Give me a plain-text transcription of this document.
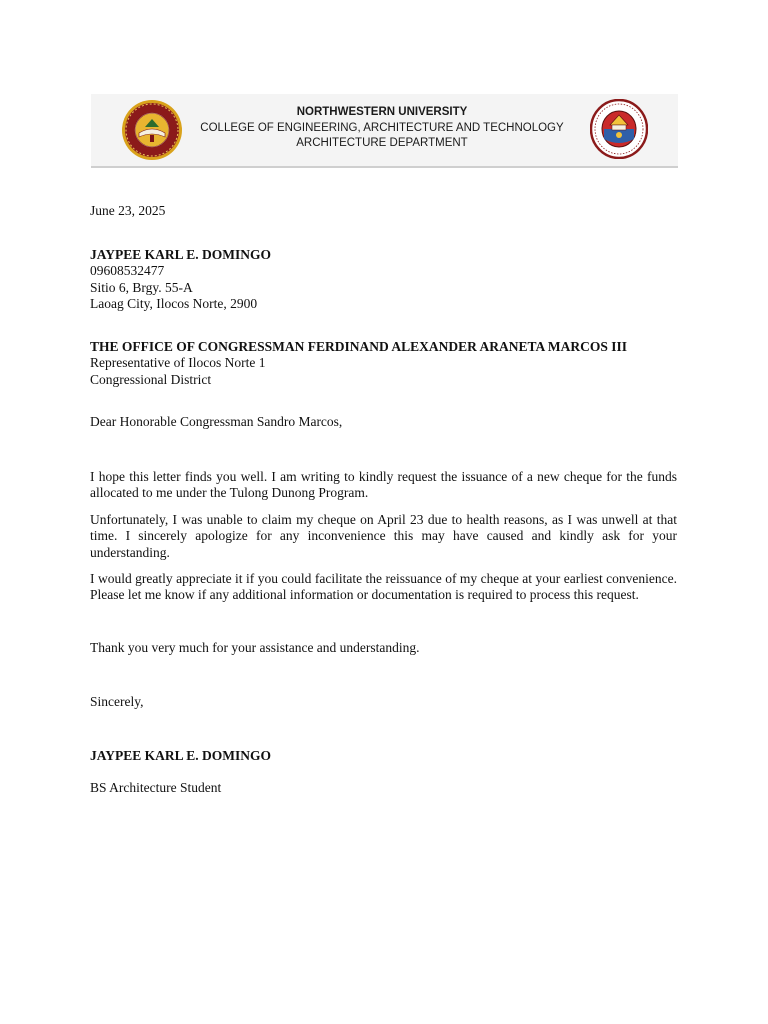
NORTHWESTERN UNIVERSITY
COLLEGE OF ENGINEERING, ARCHITECTURE AND TECHNOLOGY
ARCHITECTURE DEPARTMENT
June 23, 2025
JAYPEE KARL E. DOMINGO
09608532477
Sitio 6, Brgy. 55-A
Laoag City, Ilocos Norte, 2900
THE OFFICE OF CONGRESSMAN FERDINAND ALEXANDER ARANETA MARCOS III
Representative of Ilocos Norte 1
Congressional District
Dear Honorable Congressman Sandro Marcos,
I hope this letter finds you well. I am writing to kindly request the issuance of a new cheque for the funds allocated to me under the Tulong Dunong Program.
Unfortunately, I was unable to claim my cheque on April 23 due to health reasons, as I was unwell at that time. I sincerely apologize for any inconvenience this may have caused and kindly ask for your understanding.
I would greatly appreciate it if you could facilitate the reissuance of my cheque at your earliest convenience. Please let me know if any additional information or documentation is required to process this request.
Thank you very much for your assistance and understanding.
Sincerely,
JAYPEE KARL E. DOMINGO
BS Architecture Student
